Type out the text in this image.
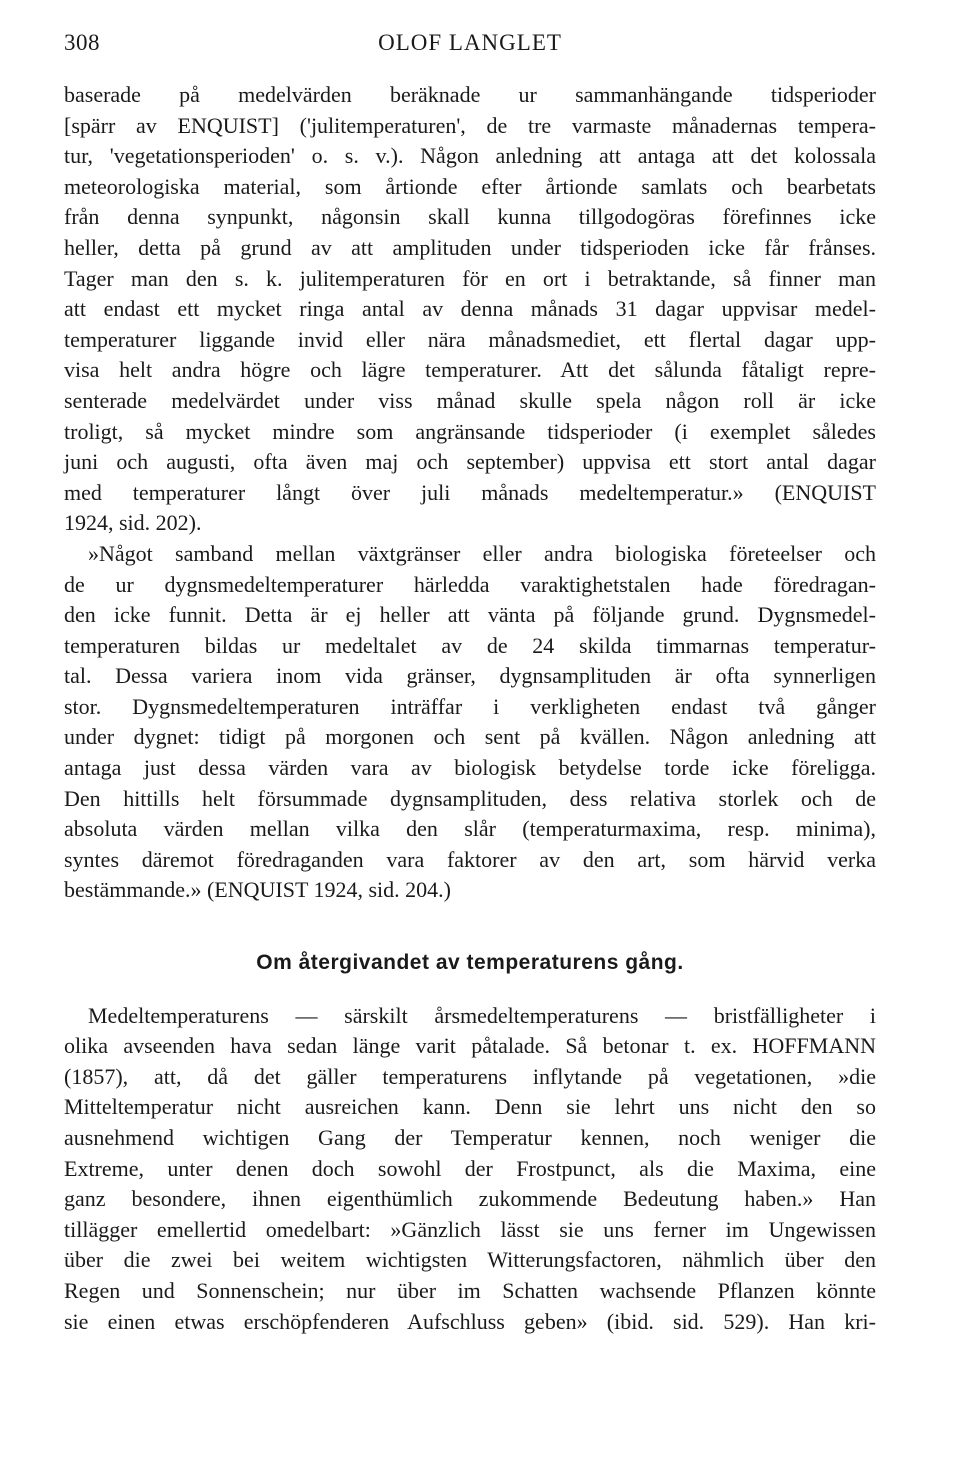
308	OLOF LANGLET
baserade på medelvärden beräknade ur sammanhängande tidsperioder
[spärr av ENQUIST] ('julitemperaturen', de tre varmaste månadernas tempera-
tur, 'vegetationsperioden' o. s. v.). Någon anledning att antaga att det kolossala
meteorologiska material, som årtionde efter årtionde samlats och bearbetats
från denna synpunkt, någonsin skall kunna tillgodogöras förefinnes icke
heller, detta på grund av att amplituden under tidsperioden icke får frånses.
Tager man den s. k. julitemperaturen för en ort i betraktande, så finner man
att endast ett mycket ringa antal av denna månads 31 dagar uppvisar medel-
temperaturer liggande invid eller nära månadsmediet, ett flertal dagar upp-
visa helt andra högre och lägre temperaturer. Att det sålunda fåtaligt repre-
senterade medelvärdet under viss månad skulle spela någon roll är icke
troligt, så mycket mindre som angränsande tidsperioder (i exemplet således
juni och augusti, ofta även maj och september) uppvisa ett stort antal dagar
med temperaturer långt över juli månads medeltemperatur.» (ENQUIST
1924, sid. 202).
»Något samband mellan växtgränser eller andra biologiska företeelser och
de ur dygnsmedeltemperaturer härledda varaktighetstalen hade föredragan-
den icke funnit. Detta är ej heller att vänta på följande grund. Dygnsmedel-
temperaturen bildas ur medeltalet av de 24 skilda timmarnas temperatur-
tal. Dessa variera inom vida gränser, dygnsamplituden är ofta synnerligen
stor. Dygnsmedeltemperaturen inträffar i verkligheten endast två gånger
under dygnet: tidigt på morgonen och sent på kvällen. Någon anledning att
antaga just dessa värden vara av biologisk betydelse torde icke föreligga.
Den hittills helt försummade dygnsamplituden, dess relativa storlek och de
absoluta värden mellan vilka den slår (temperaturmaxima, resp. minima),
syntes däremot föredraganden vara faktorer av den art, som härvid verka
bestämmande.» (ENQUIST 1924, sid. 204.)
Om återgivandet av temperaturens gång.
Medeltemperaturens — särskilt årsmedeltemperaturens — bristfälligheter i
olika avseenden hava sedan länge varit påtalade. Så betonar t. ex. HOFFMANN
(1857), att, då det gäller temperaturens inflytande på vegetationen, »die
Mitteltemperatur nicht ausreichen kann. Denn sie lehrt uns nicht den so
ausnehmend wichtigen Gang der Temperatur kennen, noch weniger die
Extreme, unter denen doch sowohl der Frostpunct, als die Maxima, eine
ganz besondere, ihnen eigenthümlich zukommende Bedeutung haben.» Han
tillägger emellertid omedelbart: »Gänzlich lässt sie uns ferner im Ungewissen
über die zwei bei weitem wichtigsten Witterungsfactoren, nähmlich über den
Regen und Sonnenschein; nur über im Schatten wachsende Pflanzen könnte
sie einen etwas erschöpfenderen Aufschluss geben» (ibid. sid. 529). Han kri-
